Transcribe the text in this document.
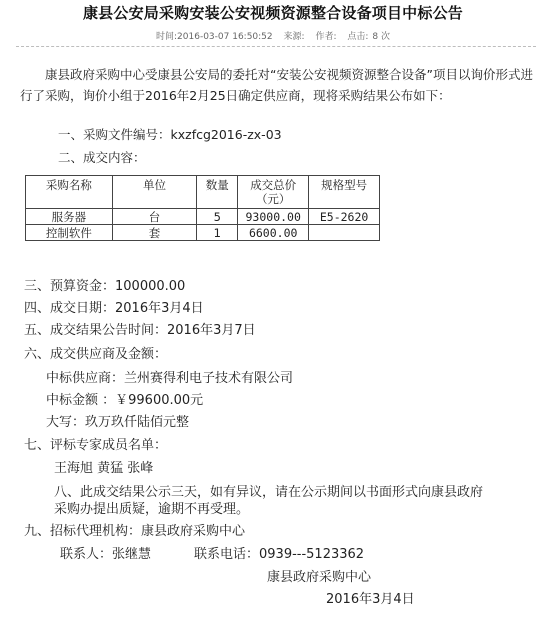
康县公安局采购安装公安视频资源整合设备项目中标公告
时间:2016-03-07 16:50:52 来源: 作者: 点击: 8 次
康县政府采购中心受康县公安局的委托对“安装公安视频资源整合设备”项目以询价形式进行了采购，询价小组于2016年2月25日确定供应商，现将采购结果公布如下：
一、采购文件编号：kxzfcg2016-zx-03
二、成交内容：
采购名称	单位	数量	成交总价（元）	规格型号
服务器	台	5	93000.00	E5-2620
控制软件	套	1	6600.00	
三、预算资金：100000.00
四、成交日期：2016年3月4日
五、成交结果公告时间：2016年3月7日
六、成交供应商及金额：
中标供应商：兰州赛得利电子技术有限公司
中标金额 ：￥99600.00元
大写：玖万玖仟陆佰元整
七、评标专家成员名单：
王海旭 黄猛 张峰
八、此成交结果公示三天，如有异议，请在公示期间以书面形式向康县政府
采购办提出质疑，逾期不再受理。
九、招标代理机构：康县政府采购中心
联系人：张继慧	联系电话：0939---5123362
康县政府采购中心
2016年3月4日
